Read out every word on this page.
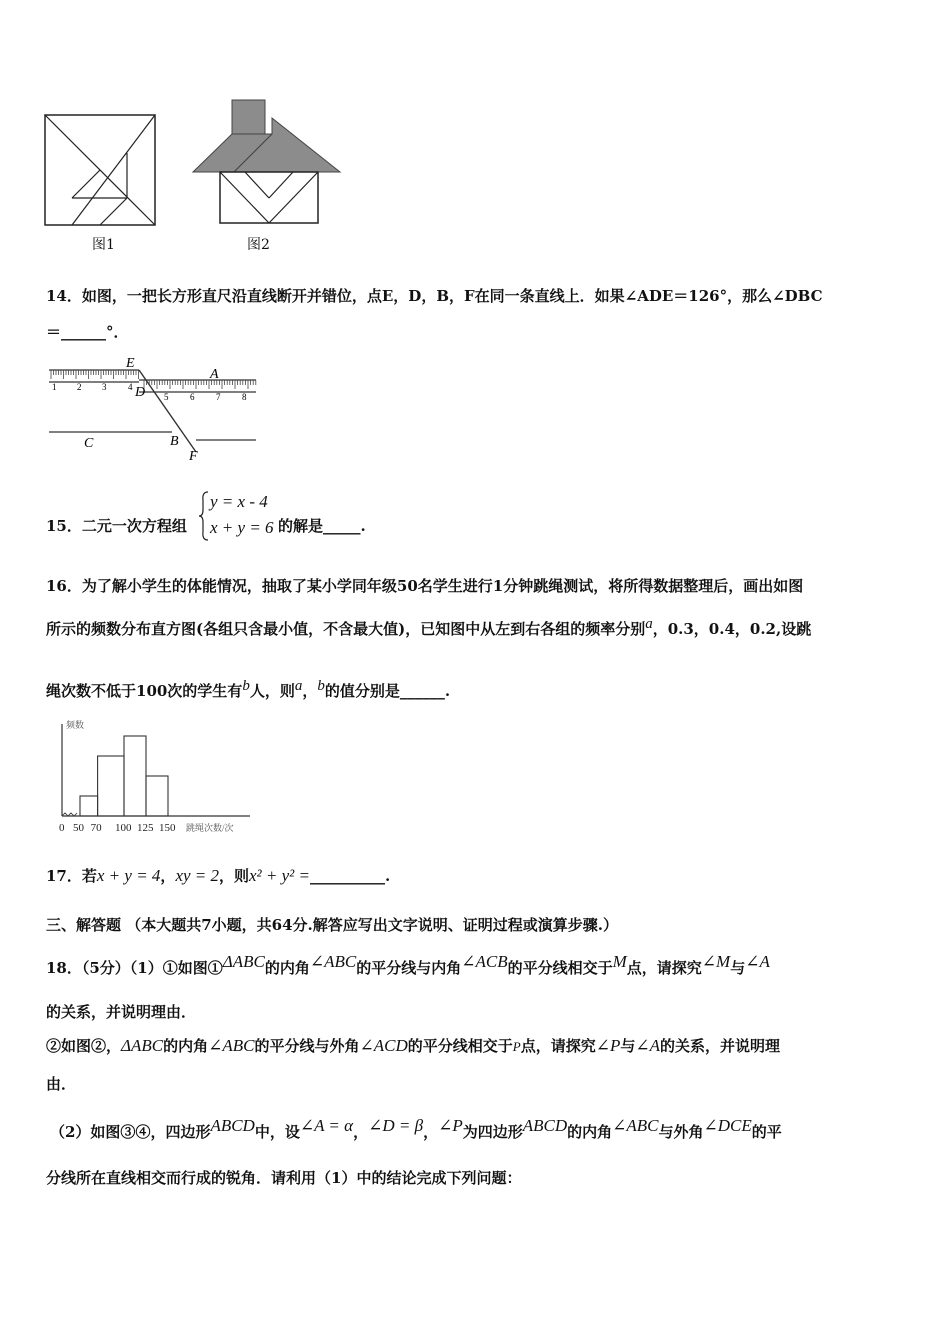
图1	图2
14．如图，一把长方形直尺沿直线断开并错位，点E，D，B，F在同一条直线上．如果∠ADE＝126°，那么∠DBC
＝______°．
1 2 3 4
5 6 7 8
E
D
A
C	B
F
15．二元一次方程组
y = x - 4
x + y = 6 的解是_____.
16．为了解小学生的体能情况，抽取了某小学同年级50名学生进行1分钟跳绳测试，将所得数据整理后，画出如图
所示的频数分布直方图(各组只含最小值，不含最大值)，已知图中从左到右各组的频率分别$^a$，0.3，0.4，0.2,设跳
绳次数不低于100次的学生有$^b$人，则$^a$，$^b$的值分别是______.
频数
0 50 70 100 125 150 跳绳次数/次
17．若x + y = 4，xy = 2，则x² + y² =__________.
三、解答题 （本大题共7小题，共64分.解答应写出文字说明、证明过程或演算步骤.）
18．（5分）（1）①如图①$^{\Delta ABC}$的内角$^{\angle ABC}$的平分线与内角$^{\angle ACB}$的平分线相交于$^M$点，请探究$^{\angle M}$与$^{\angle A}$
的关系，并说明理由．
②如图②，ΔABC的内角∠ABC的平分线与外角∠ACD的平分线相交于P点，请探究∠P与∠A的关系，并说明理
由．
（2）如图③④，四边形$^{ABCD}$中，设$^{\angle A = \alpha}$，$^{\angle D = \beta}$，$^{\angle P}$为四边形$^{ABCD}$的内角$^{\angle ABC}$与外角$^{\angle DCE}$的平
分线所在直线相交而行成的锐角．请利用（1）中的结论完成下列问题：
